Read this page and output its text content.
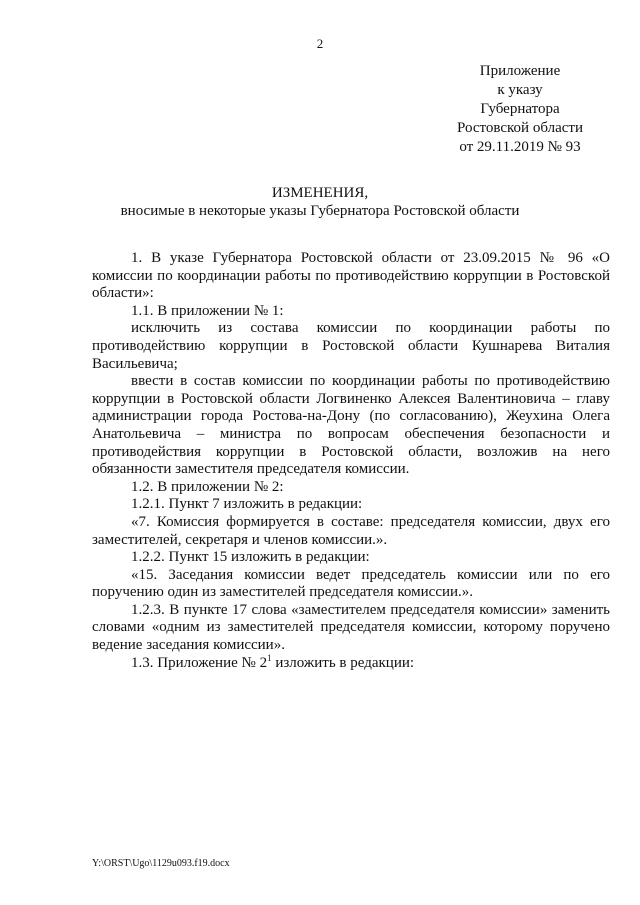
2
Приложение
к указу
Губернатора
Ростовской области
от 29.11.2019 № 93
ИЗМЕНЕНИЯ,
вносимые в некоторые указы Губернатора Ростовской области

1. В указе Губернатора Ростовской области от 23.09.2015 № 96 «О комиссии по координации работы по противодействию коррупции в Ростовской области»:

1.1. В приложении № 1:

исключить из состава комиссии по координации работы по противодействию коррупции в Ростовской области Кушнарева Виталия Васильевича;

ввести в состав комиссии по координации работы по противодействию коррупции в Ростовской области Логвиненко Алексея Валентиновича – главу администрации города Ростова-на-Дону (по согласованию), Жеухина Олега Анатольевича – министра по вопросам обеспечения безопасности и противодействия коррупции в Ростовской области, возложив на него обязанности заместителя председателя комиссии.

1.2. В приложении № 2:

1.2.1. Пункт 7 изложить в редакции:

«7. Комиссия формируется в составе: председателя комиссии, двух его заместителей, секретаря и членов комиссии.».

1.2.2. Пункт 15 изложить в редакции:

«15. Заседания комиссии ведет председатель комиссии или по его поручению один из заместителей председателя комиссии.».

1.2.3. В пункте 17 слова «заместителем председателя комиссии» заменить словами «одним из заместителей председателя комиссии, которому поручено ведение заседания комиссии».

1.3. Приложение № $2^1$ изложить в редакции:

Y:\ORST\Ugo\1129u093.f19.docx
